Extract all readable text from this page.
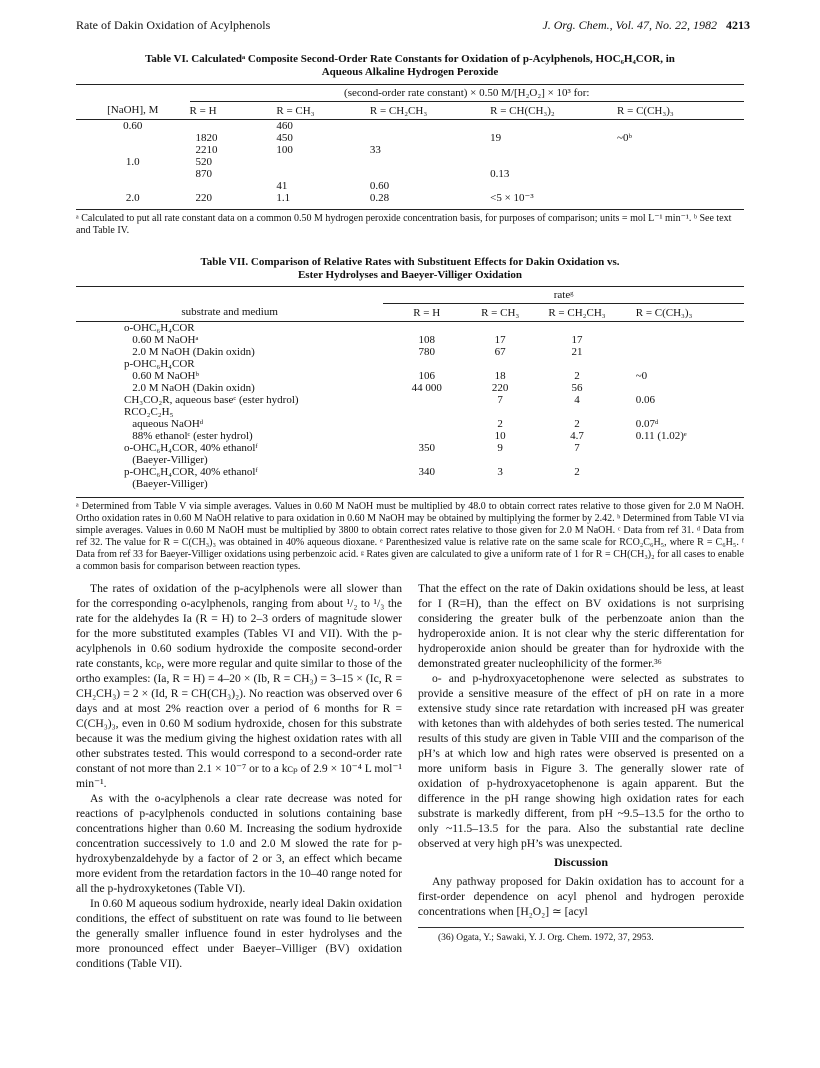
Rate of Dakin Oxidation of Acylphenols	J. Org. Chem., Vol. 47, No. 22, 1982 4213
Table VI. Calculatedᵃ Composite Second-Order Rate Constants for Oxidation of p-Acylphenols, HOC₆H₄COR, in
Aqueous Alkaline Hydrogen Peroxide
	(second-order rate constant) × 0.50 M/[H₂O₂] × 10³ for:				
[NaOH], M	R = H	R = CH₃	R = CH₂CH₃	R = CH(CH₃)₂	R = C(CH₃)₃
0.60		460			
	1820	450		19	~0ᵇ
	2210	100	33		
1.0	520				
	870			0.13	
		41	0.60		
2.0	220	1.1	0.28	<5 × 10⁻³	
ᵃ Calculated to put all rate constant data on a common 0.50 M hydrogen peroxide concentration basis, for purposes of comparison; units = mol L⁻¹ min⁻¹. ᵇ See text and Table IV.
Table VII. Comparison of Relative Rates with Substituent Effects for Dakin Oxidation vs.
Ester Hydrolyses and Baeyer-Villiger Oxidation
	rateᵍ			
substrate and medium	R = H	R = CH₃	R = CH₂CH₃	R = C(CH₃)₃
o-OHC₆H₄COR				
0.60 M NaOHᵃ	108	17	17	
2.0 M NaOH (Dakin oxidn)	780	67	21	
p-OHC₆H₄COR				
0.60 M NaOHᵇ	106	18	2	~0
2.0 M NaOH (Dakin oxidn)	44 000	220	56	
CH₃CO₂R, aqueous baseᶜ (ester hydrol)		7	4	0.06
RCO₂C₂H₅				
aqueous NaOHᵈ		2	2	0.07ᵈ
88% ethanolᶜ (ester hydrol)		10	4.7	0.11 (1.02)ᵉ
o-OHC₆H₄COR, 40% ethanolᶠ	350	9	7	
(Baeyer-Villiger)				
p-OHC₆H₄COR, 40% ethanolᶠ	340	3	2	
(Baeyer-Villiger)				
ᵃ Determined from Table V via simple averages. Values in 0.60 M NaOH must be multiplied by 48.0 to obtain correct rates relative to those given for 2.0 M NaOH. Ortho oxidation rates in 0.60 M NaOH relative to para oxidation in 0.60 M NaOH may be obtained by multiplying the former by 2.42. ᵇ Determined from Table VI via simple averages. Values in 0.60 M NaOH must be multiplied by 3800 to obtain correct rates relative to those given for 2.0 M NaOH. ᶜ Data from ref 31. ᵈ Data from ref 32. The value for R = C(CH₃)₃ was obtained in 40% aqueous dioxane. ᵉ Parenthesized value is relative rate on the same scale for RCO₂C₆H₅, where R = C₆H₅. ᶠ Data from ref 33 for Baeyer-Villiger oxidations using perbenzoic acid. ᵍ Rates given are calculated to give a uniform rate of 1 for R = CH(CH₃)₂ for all cases to enable a common basis for comparison between reaction types.

The rates of oxidation of the p-acylphenols were all slower than for the corresponding o-acylphenols, ranging from about ¹/₂ to ¹/₃ the rate for the aldehydes Ia (R = H) to 2–3 orders of magnitude slower for the more substituted examples (Tables VI and VII). With the p-acylphenols in 0.60 sodium hydroxide the composite second-order rate constants, kᴄₚ, were more regular and quite similar to those of the ortho examples: (Ia, R = H) = 4–20 × (Ib, R = CH₃) = 3–15 × (Ic, R = CH₂CH₃) = 2 × (Id, R = CH(CH₃)₂). No reaction was observed over 6 days and at most 2% reaction over a period of 6 months for R = C(CH₃)₃, even in 0.60 M sodium hydroxide, chosen for this substrate because it was the medium giving the highest oxidation rates with all other substrates tested. This would correspond to a second-order rate constant of not more than 2.1 × 10⁻⁷ or to a kᴄₚ of 2.9 × 10⁻⁴ L mol⁻¹ min⁻¹.

As with the o-acylphenols a clear rate decrease was noted for reactions of p-acylphenols conducted in solutions containing base concentrations higher than 0.60 M. Increasing the sodium hydroxide concentration successively to 1.0 and 2.0 M slowed the rate for p-hydroxybenzaldehyde by a factor of 2 or 3, an effect which became more evident from the retardation factors in the 10–40 range noted for all the p-hydroxyketones (Table VI).

In 0.60 M aqueous sodium hydroxide, nearly ideal Dakin oxidation conditions, the effect of substituent on rate was found to lie between the generally smaller influence found in ester hydrolyses and the more pronounced effect under Baeyer–Villiger (BV) oxidation conditions (Table VII).

That the effect on the rate of Dakin oxidations should be less, at least for I (R=H), than the effect on BV oxidations is not surprising considering the greater bulk of the perbenzoate anion than the hydroperoxide anion. It is not clear why the steric differentation for hydroperoxide anion should be greater than for hydroxide with the demonstrated greater nucleophilicity of the former.³⁶

o- and p-hydroxyacetophenone were selected as substrates to provide a sensitive measure of the effect of pH on rate in a more extensive study since rate retardation with increased pH was greater with ketones than with aldehydes of both series tested. The numerical results of this study are given in Table VIII and the comparison of the pH’s at which low and high rates were observed is presented on a more uniform basis in Figure 3. The generally slower rate of oxidation of p-hydroxyacetophenone is again apparent. But the difference in the pH range showing high oxidation rates for each substrate is markedly different, from pH ~9.5–13.5 for the ortho to only ~11.5–13.5 for the para. Also the substantial rate decline observed at very high pH’s was unexpected.

Discussion

Any pathway proposed for Dakin oxidation has to account for a first-order dependence on acyl phenol and hydrogen peroxide concentrations when [H₂O₂] ≃ [acyl

(36) Ogata, Y.; Sawaki, Y. J. Org. Chem. 1972, 37, 2953.
